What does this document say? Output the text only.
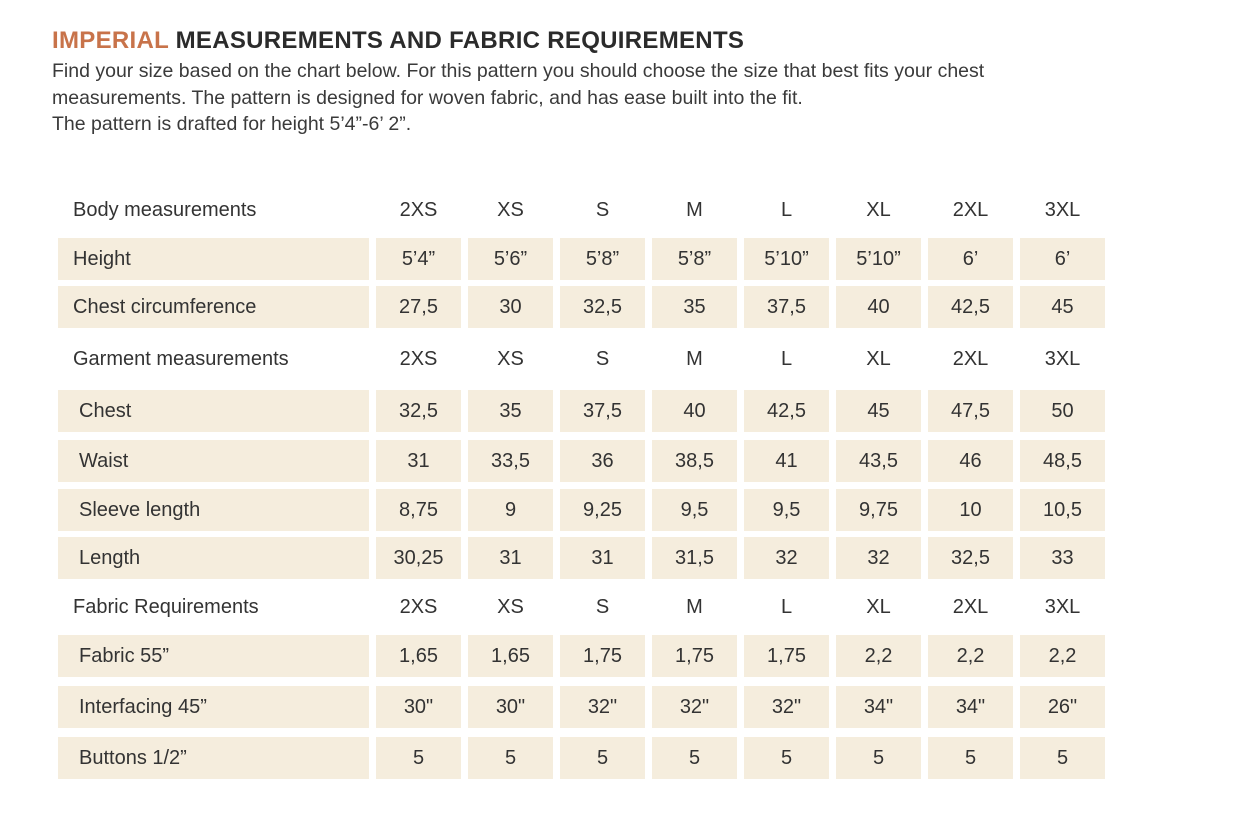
IMPERIAL MEASUREMENTS AND FABRIC REQUIREMENTS

Find your size based on the chart below. For this pattern you should choose the size that best fits your chest

measurements. The pattern is designed for woven fabric, and has ease built into the fit.

The pattern is drafted for height 5’4”-6’ 2”.

Body measurements	2XS	XS	S	M	L	XL	2XL	3XL
Height	5’4”	5’6”	5’8”	5’8”	5’10”	5’10”	6’	6’
Chest circumference	27,5	30	32,5	35	37,5	40	42,5	45
Garment measurements	2XS	XS	S	M	L	XL	2XL	3XL
Chest	32,5	35	37,5	40	42,5	45	47,5	50
Waist	31	33,5	36	38,5	41	43,5	46	48,5
Sleeve length	8,75	9	9,25	9,5	9,5	9,75	10	10,5
Length	30,25	31	31	31,5	32	32	32,5	33
Fabric Requirements	2XS	XS	S	M	L	XL	2XL	3XL
Fabric 55”	1,65	1,65	1,75	1,75	1,75	2,2	2,2	2,2
Interfacing 45”	30"	30"	32"	32"	32"	34"	34"	26"
Buttons 1/2”	5	5	5	5	5	5	5	5
